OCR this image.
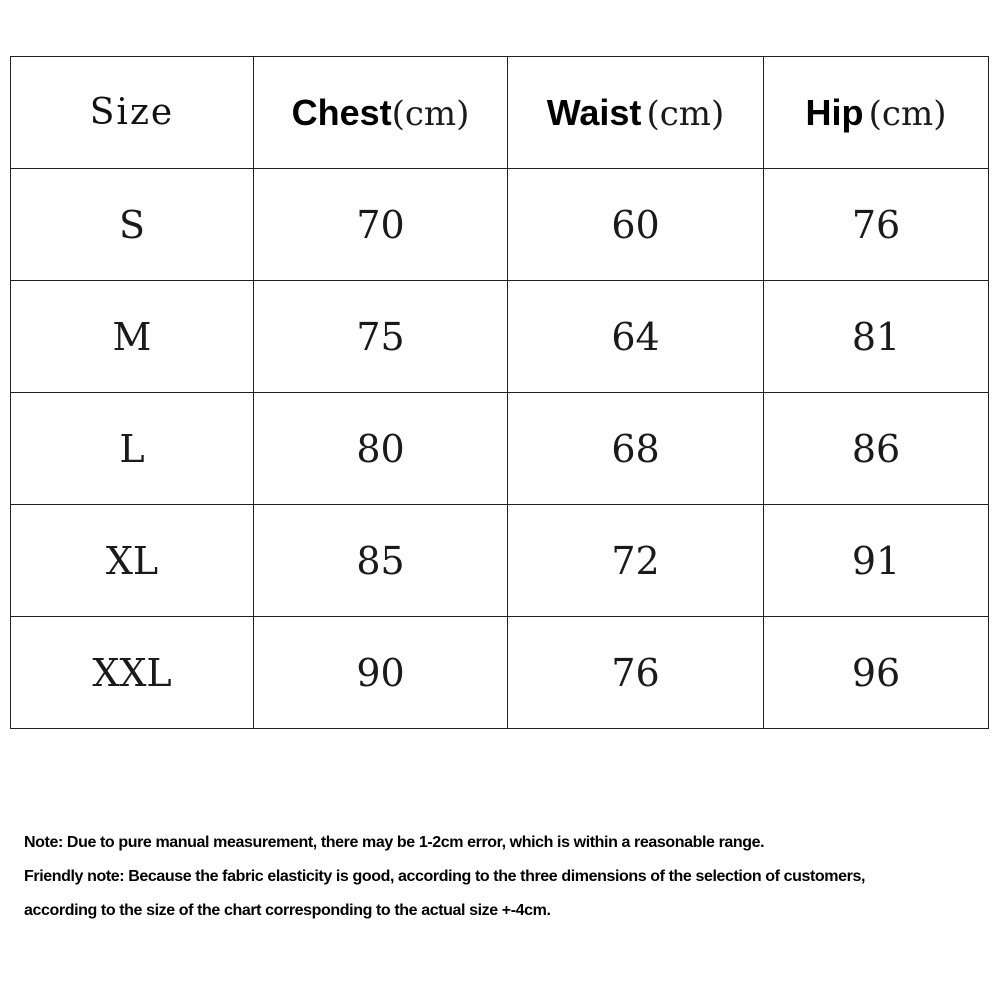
Size	Chest(cm)	Waist (cm)	Hip (cm)
S	70	60	76
M	75	64	81
L	80	68	86
XL	85	72	91
XXL	90	76	96

Note: Due to pure manual measurement, there may be 1-2cm error, which is within a reasonable range.

Friendly note: Because the fabric elasticity is good, according to the three dimensions of the selection of customers,

according to the size of the chart corresponding to the actual size +-4cm.
